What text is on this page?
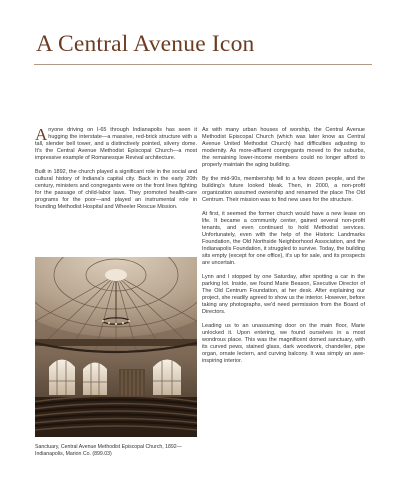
A Central Avenue Icon

Anyone driving on I-65 through Indianapolis has seen it hugging the interstate—a massive, red-brick structure with a tall, slender bell tower, and a distinctively pointed, silvery dome. It's the Central Avenue Methodist Episcopal Church—a most impressive example of Romanesque Revival architecture.

Built in 1892, the church played a significant role in the social and cultural history of Indiana's capital city. Back in the early 20th century, ministers and congregants were on the front lines fighting for the passage of child-labor laws. They promoted health-care programs for the poor—and played an instrumental role in founding Methodist Hospital and Wheeler Rescue Mission.

As with many urban houses of worship, the Central Avenue Methodist Episcopal Church (which was later know as Central Avenue United Methodist Church) had difficulties adjusting to modernity. As more-affluent congregants moved to the suburbs, the remaining lower-income members could no longer afford to properly maintain the aging building.

By the mid-90s, membership fell to a few dozen people, and the building's future looked bleak. Then, in 2000, a non-profit organization assumed ownership and renamed the place The Old Centrum. Their mission was to find new uses for the structure.

At first, it seemed the former church would have a new lease on life. It became a community center, gained several non-profit tenants, and even continued to hold Methodist services. Unfortunately, even with the help of the Historic Landmarks Foundation, the Old Northside Neighborhood Association, and the Indianapolis Foundation, it struggled to survive. Today, the building sits empty (except for one office), it's up for sale, and its prospects are uncertain.

Lynn and I stopped by one Saturday, after spotting a car in the parking lot. Inside, we found Marie Beason, Executive Director of The Old Centrum Foundation, at her desk. After explaining our project, she readily agreed to show us the interior. However, before taking any photographs, we'd need permission from the Board of Directors.

Leading us to an unassuming door on the main floor, Marie unlocked it. Upon entering, we found ourselves in a most wondrous place. This was the magnificent domed sanctuary, with its curved pews, stained glass, dark woodwork, chandelier, pipe organ, ornate lectern, and curving balcony. It was simply an awe-inspiring interior.

Sanctuary, Central Avenue Methodist Episcopal Church, 1892—Indianapolis, Marion Co. (899.03)
